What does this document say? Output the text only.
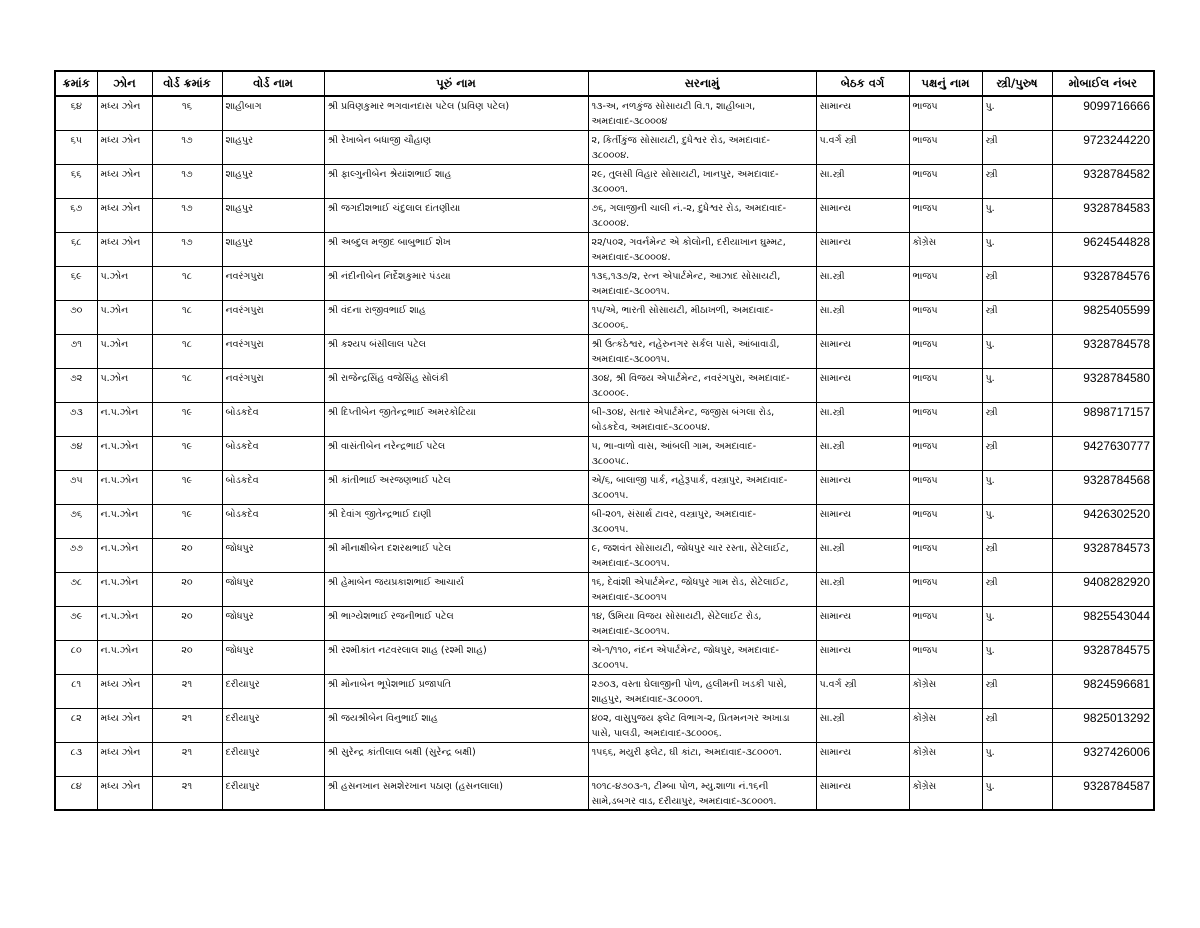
ક્રમાંક	ઝોન	વોર્ડ ક્રમાંક	વોર્ડ નામ	પૂરું નામ	સરનામું	બેઠક વર્ગ	પક્ષનું નામ	સ્ત્રી/પુરુષ	મોબાઈલ નંબર
૬૪	મધ્ય ઝોન	૧૬	શાહીબાગ	શ્રી પ્રવિણકુમાર ભગવાનદાસ પટેલ (પ્રવિણ પટેલ)	૧૩-અ, નળકુંજ સોસાયટી વિ.૧, શાહીબાગ,
અમદાવાદ-૩૮૦૦૦૪	સામાન્ય	ભાજપ	પુ.	9099716666
૬૫	મધ્ય ઝોન	૧૭	શાહપુર	શ્રી રેખાબેન બધાજી ચૌહાણ	૨, કિર્તીકુંજ સોસાયટી, દુધેશ્વર રોડ, અમદાવાદ-
૩૮૦૦૦૪.	પ.વર્ગ સ્ત્રી	ભાજપ	સ્ત્રી	9723244220
૬૬	મધ્ય ઝોન	૧૭	શાહપુર	શ્રી ફાલ્ગુનીબેન શ્રેયાંશભાઈ શાહ	૨૯, તુલસી વિહાર સોસાયટી, ખાનપુર, અમદાવાદ-
૩૮૦૦૦૧.	સા.સ્ત્રી	ભાજપ	સ્ત્રી	9328784582
૬૭	મધ્ય ઝોન	૧૭	શાહપુર	શ્રી જગદીશભાઈ ચંદુલાલ દાંતણીયા	૭૬, ગલાજીની ચાલી નં.-૨, દુધેશ્વર રોડ, અમદાવાદ-
૩૮૦૦૦૪.	સામાન્ય	ભાજપ	પુ.	9328784583
૬૮	મધ્ય ઝોન	૧૭	શાહપુર	શ્રી અબ્દુલ મજીદ બાબુભાઈ શેખ	૨૨/૫૦૨, ગવર્નમેન્ટ એ કોલોની, દરીયાખાન ઘુમ્મટ,
અમદાવાદ-૩૮૦૦૦૪.	સામાન્ય	કોંગ્રેસ	પુ.	9624544828
૬૯	પ.ઝોન	૧૮	નવરંગપુરા	શ્રી નંદીનીબેન નિર્દેશકુમાર પંડયા	૧૩૬,૧૩૭/૨, રત્ન એપાર્ટમેન્ટ, આઝાદ સોસાયટી,
અમદાવાદ-૩૮૦૦૧૫.	સા.સ્ત્રી	ભાજપ	સ્ત્રી	9328784576
૭૦	પ.ઝોન	૧૮	નવરંગપુરા	શ્રી વંદના રાજીવભાઈ શાહ	૧૫/એ, ભારતી સોસાયટી, મીઠાખળી, અમદાવાદ-
૩૮૦૦૦૬.	સા.સ્ત્રી	ભાજપ	સ્ત્રી	9825405599
૭૧	પ.ઝોન	૧૮	નવરંગપુરા	શ્રી કશ્યપ બંસીલાલ પટેલ	શ્રી ઉત્કંઠેશ્વર, નહેરુનગર સર્કલ પાસે, આંબાવાડી,
અમદાવાદ-૩૮૦૦૧૫.	સામાન્ય	ભાજપ	પુ.	9328784578
૭૨	પ.ઝોન	૧૮	નવરંગપુરા	શ્રી રાજેન્દ્રસિંહ વજેસિંહ સોલંકી	૩૦૪, શ્રી વિજય એપાર્ટમેન્ટ, નવરંગપુરા, અમદાવાદ-
૩૮૦૦૦૯.	સામાન્ય	ભાજપ	પુ.	9328784580
૭૩	ન.પ.ઝોન	૧૯	બોડકદેવ	શ્રી દિપ્તીબેન જીતેન્દ્રભાઈ અમરકોટિયા	બી-૩૦૪, સતાર એપાર્ટમેન્ટ, જજીસ બંગલા રોડ,
બોડકદેવ, અમદાવાદ-૩૮૦૦૫૪.	સા.સ્ત્રી	ભાજપ	સ્ત્રી	9898717157
૭૪	ન.પ.ઝોન	૧૯	બોડકદેવ	શ્રી વાસંતીબેન નરેન્દ્રભાઈ પટેલ	૫, ભા-વાળો વાસ, આંબલી ગામ, અમદાવાદ-
૩૮૦૦૫૮.	સા.સ્ત્રી	ભાજપ	સ્ત્રી	9427630777
૭૫	ન.પ.ઝોન	૧૯	બોડકદેવ	શ્રી કાંતીભાઈ અરજણભાઈ પટેલ	એ/૬, બાલાજી પાર્ક, નહેરૂપાર્ક, વસ્ત્રાપુર, અમદાવાદ-
૩૮૦૦૧૫.	સામાન્ય	ભાજપ	પુ.	9328784568
૭૬	ન.પ.ઝોન	૧૯	બોડકદેવ	શ્રી દેવાંગ જીતેન્દ્રભાઈ દાણી	બી-૨૦૧, સંસાર્થ ટાવર, વસ્ત્રાપુર, અમદાવાદ-
૩૮૦૦૧૫.	સામાન્ય	ભાજપ	પુ.	9426302520
૭૭	ન.પ.ઝોન	૨૦	જોધપુર	શ્રી મીનાક્ષીબેન દશરથભાઈ પટેલ	૯, જશવંત સોસાયટી, જોધપુર ચાર રસ્તા, સેટેલાઈટ,
અમદાવાદ-૩૮૦૦૧૫.	સા.સ્ત્રી	ભાજપ	સ્ત્રી	9328784573
૭૮	ન.પ.ઝોન	૨૦	જોધપુર	શ્રી હેમાબેન જયપ્રકાશભાઈ આચાર્ય	૧૬, દેવાંશી એપાર્ટમેન્ટ, જોધપુર ગામ રોડ, સેટેલાઈટ,
અમદાવાદ-૩૮૦૦૧૫	સા.સ્ત્રી	ભાજપ	સ્ત્રી	9408282920
૭૯	ન.પ.ઝોન	૨૦	જોધપુર	શ્રી ભાગ્યેશભાઈ રજનીભાઈ પટેલ	૧૪, ઉમિયા વિજય સોસાયટી, સેટેલાઈટ રોડ,
અમદાવાદ-૩૮૦૦૧૫.	સામાન્ય	ભાજપ	પુ.	9825543044
૮૦	ન.પ.ઝોન	૨૦	જોધપુર	શ્રી રશ્મીકાંત નટવરલાલ શાહ (રશ્મી શાહ)	એ-૧/૧૧૦, નંદન એપાર્ટમેન્ટ, જોધપુર, અમદાવાદ-
૩૮૦૦૧૫.	સામાન્ય	ભાજપ	પુ.	9328784575
૮૧	મધ્ય ઝોન	૨૧	દરીયાપુર	શ્રી મોનાબેન ભૂપેશભાઈ પ્રજાપતિ	૨૭૦૩, વસ્તા ઘેલાજીની પોળ, હલીમની ખડકી પાસે,
શાહપુર, અમદાવાદ-૩૮૦૦૦૧.	પ.વર્ગ સ્ત્રી	કોંગ્રેસ	સ્ત્રી	9824596681
૮૨	મધ્ય ઝોન	૨૧	દરીયાપુર	શ્રી જયશ્રીબેન વિનુભાઈ શાહ	૪૦૨, વાસુપુજય ફ્લેટ વિભાગ-૨, પ્રિતમનગર અખાડા
પાસે, પાલડી, અમદાવાદ-૩૮૦૦૦૬.	સા.સ્ત્રી	કોંગ્રેસ	સ્ત્રી	9825013292
૮૩	મધ્ય ઝોન	૨૧	દરીયાપુર	શ્રી સુરેન્દ્ર કાંતીલાલ બક્ષી (સુરેન્દ્ર બક્ષી)	૧૫૬૬, મયુરી ફ્લેટ, ઘી કાંટા, અમદાવાદ-૩૮૦૦૦૧.	સામાન્ય	કોંગ્રેસ	પુ.	9327426006
૮૪	મધ્ય ઝોન	૨૧	દરીયાપુર	શ્રી હસનખાન સમશેરખાન પઠાણ (હસનલાલા)	૧૦૧૮-૪૭૦૩-૧, ટીમ્બા પોળ, મ્યુ.શાળા નં.૧૬ની
સામે,ડબગર વાડ, દરીયાપુર, અમદાવાદ-૩૮૦૦૦૧.	સામાન્ય	કોંગ્રેસ	પુ.	9328784587
